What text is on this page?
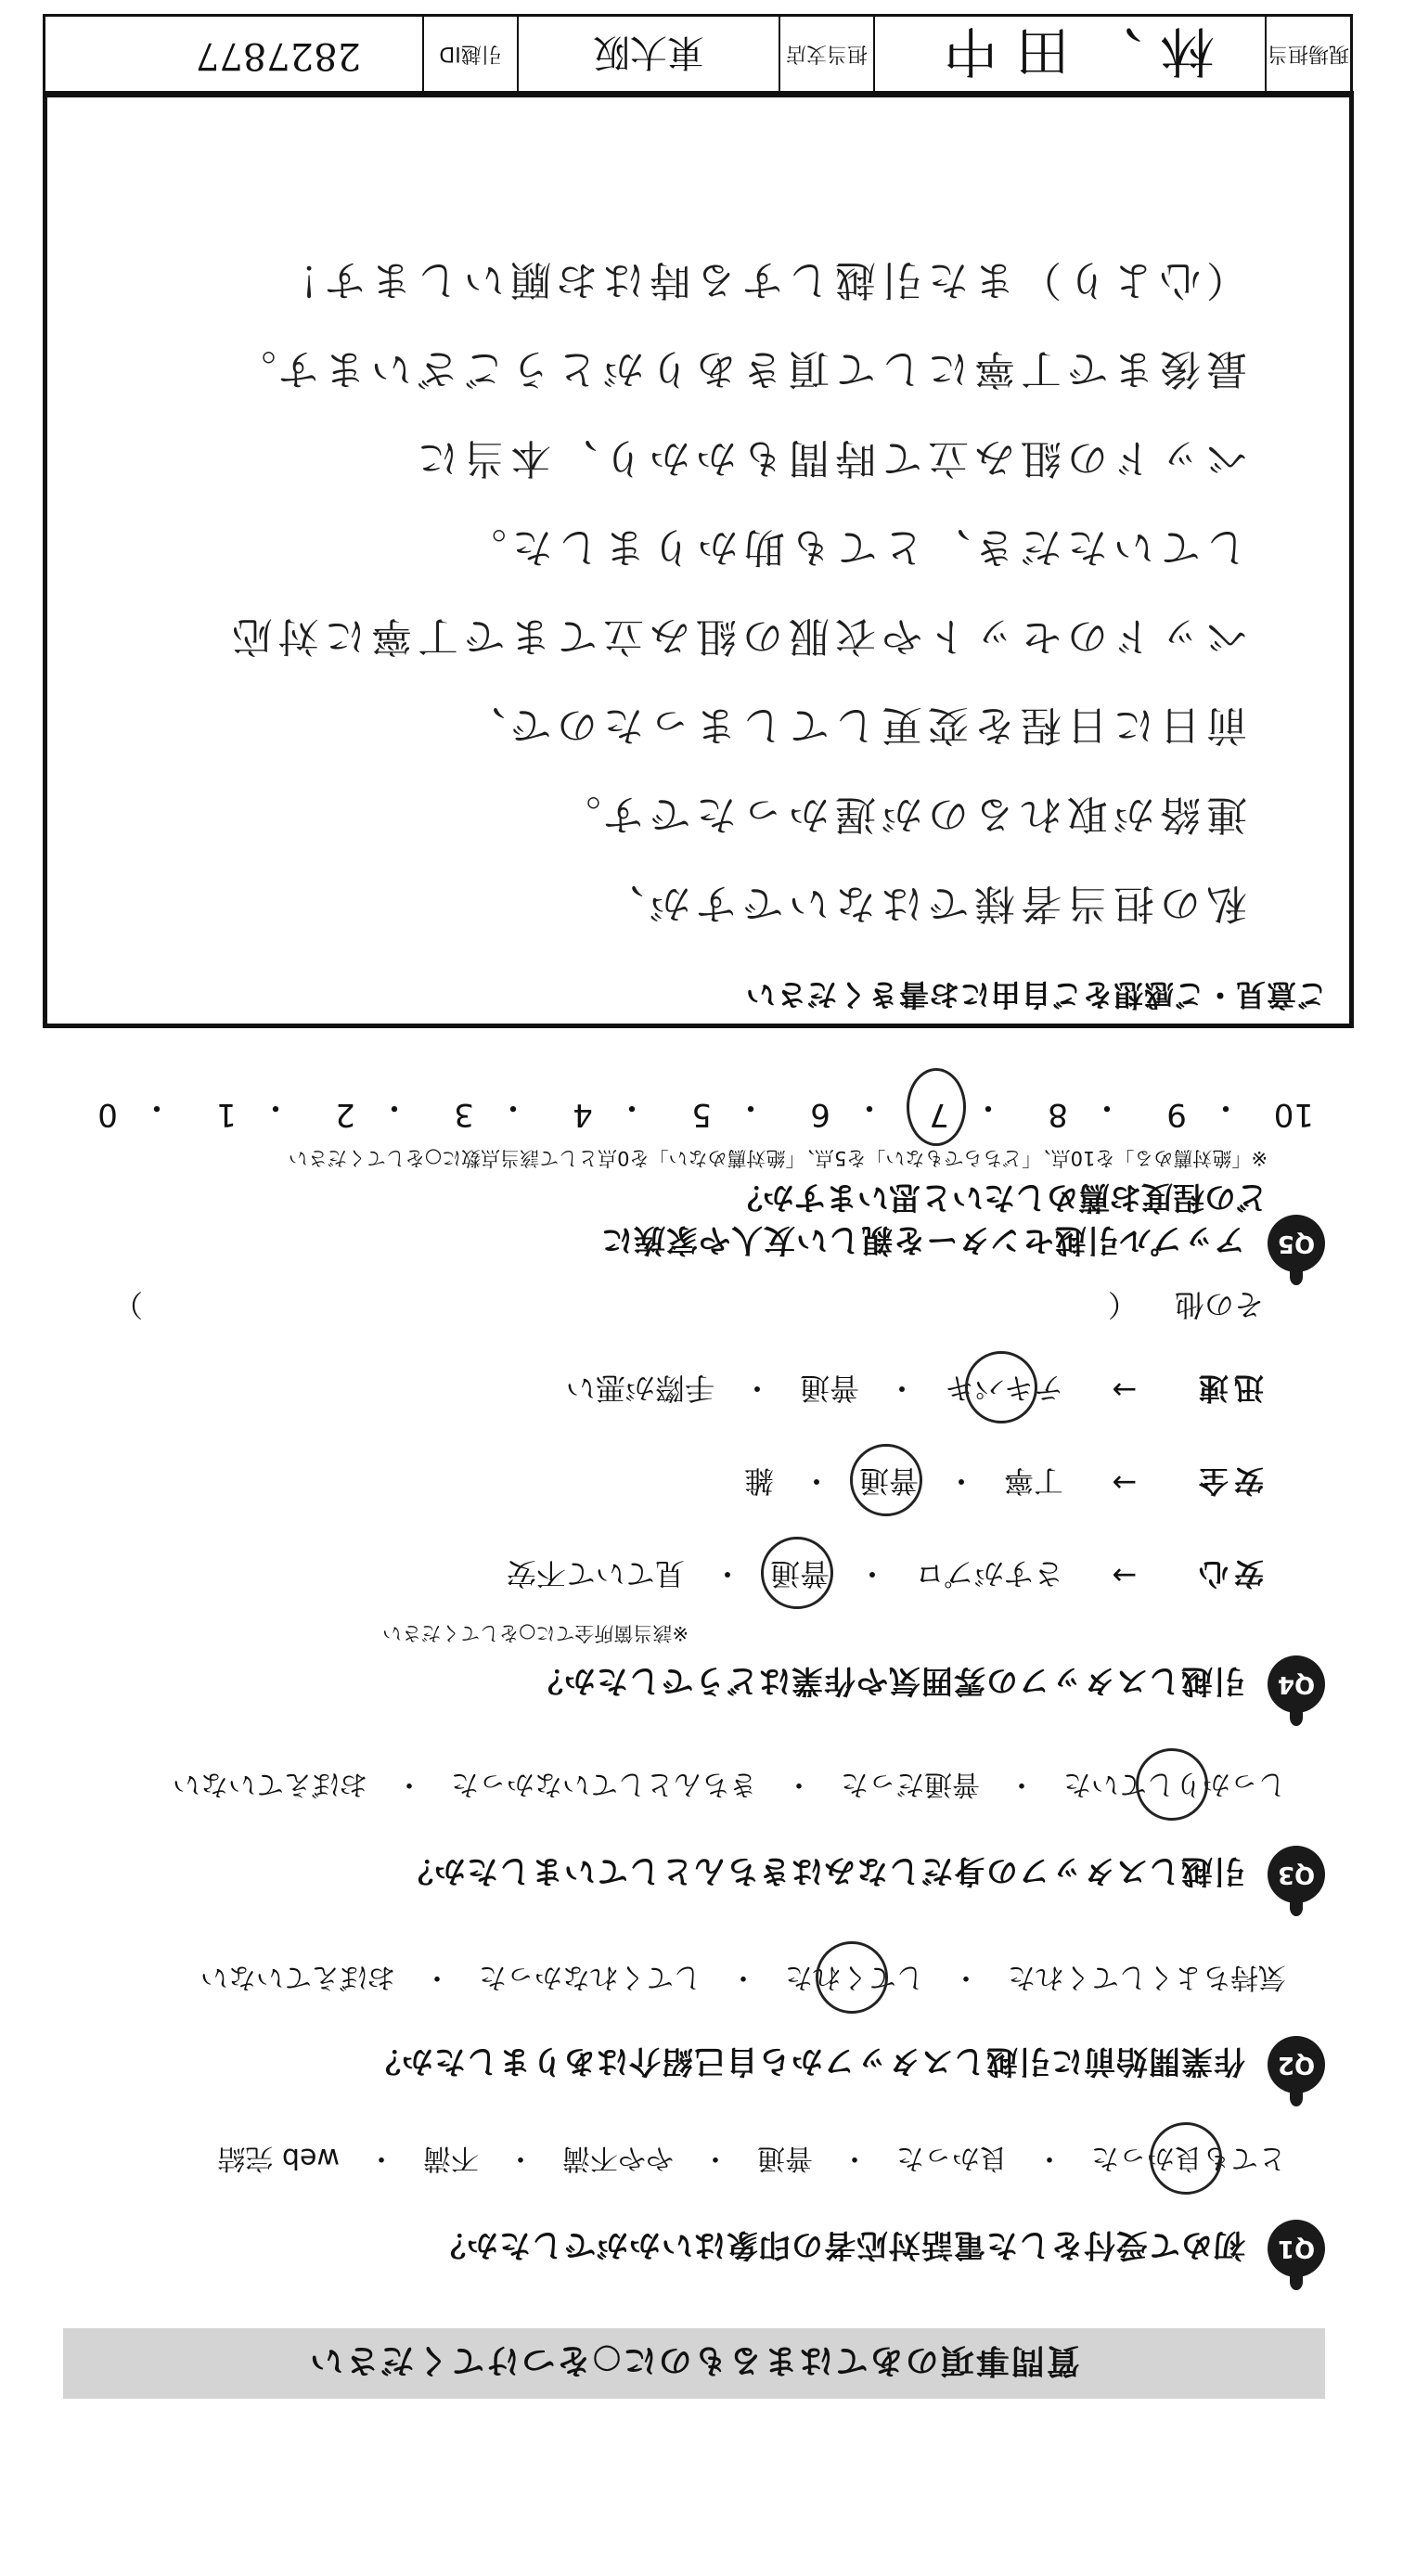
質問事項のあてはまるものに○をつけてください
Q1
初めて受付をした電話対応者の印象はいかがでしたか？
とても良かった
・
良かった
・
普通
・
やや不満
・
不満
・
web 完結
Q2
作業開始前に引越しスタッフから自己紹介はありましたか？
気持ちよくしてくれた
・
してくれた
・
してくれなかった
・
おぼえていない
Q3
引越しスタッフの身だしなみはきちんとしていましたか？
しっかりしていた
・
普通だった
・
きちんとしていなかった
・
おぼえていない
Q4
引越しスタッフの雰囲気や作業はどうでしたか？
※該当箇所全てに○をしてください
安心
→
さすがプロ
・
普通
・
見ていて不安
安全
→
丁寧
・
普通
・
雑
迅速
→
テキパキ
・
普通
・
手際が悪い
その他
（
）
Q5
アップル引越センターを親しい友人や家族に
どの程度お薦めしたいと思いますか？
※「絶対薦める」を10点、「どちらでもない」を5点、「絶対薦めない」を0点として該当点数に○をしてください
10
・
9
・
8
・
7
・
6
・
5
・
4
・
3
・
2
・
1
・
0
ご意見・ご感想をご自由にお書きください
私の担当者様ではないですが、
連絡が取れるのが遅かったです。
前日に日程を変更してしまったので、
ベッドのセットや衣服の組み立てまで丁寧に対応
していただき、とても助かりました。
ベッドの組み立て時間もかかり、本当に
最後まで丁寧にして頂きありがとうございます。
（心より）また引越しする時はお願いします！
現場担当
林、田中
担当支店
東大阪
引越ID
2827877
